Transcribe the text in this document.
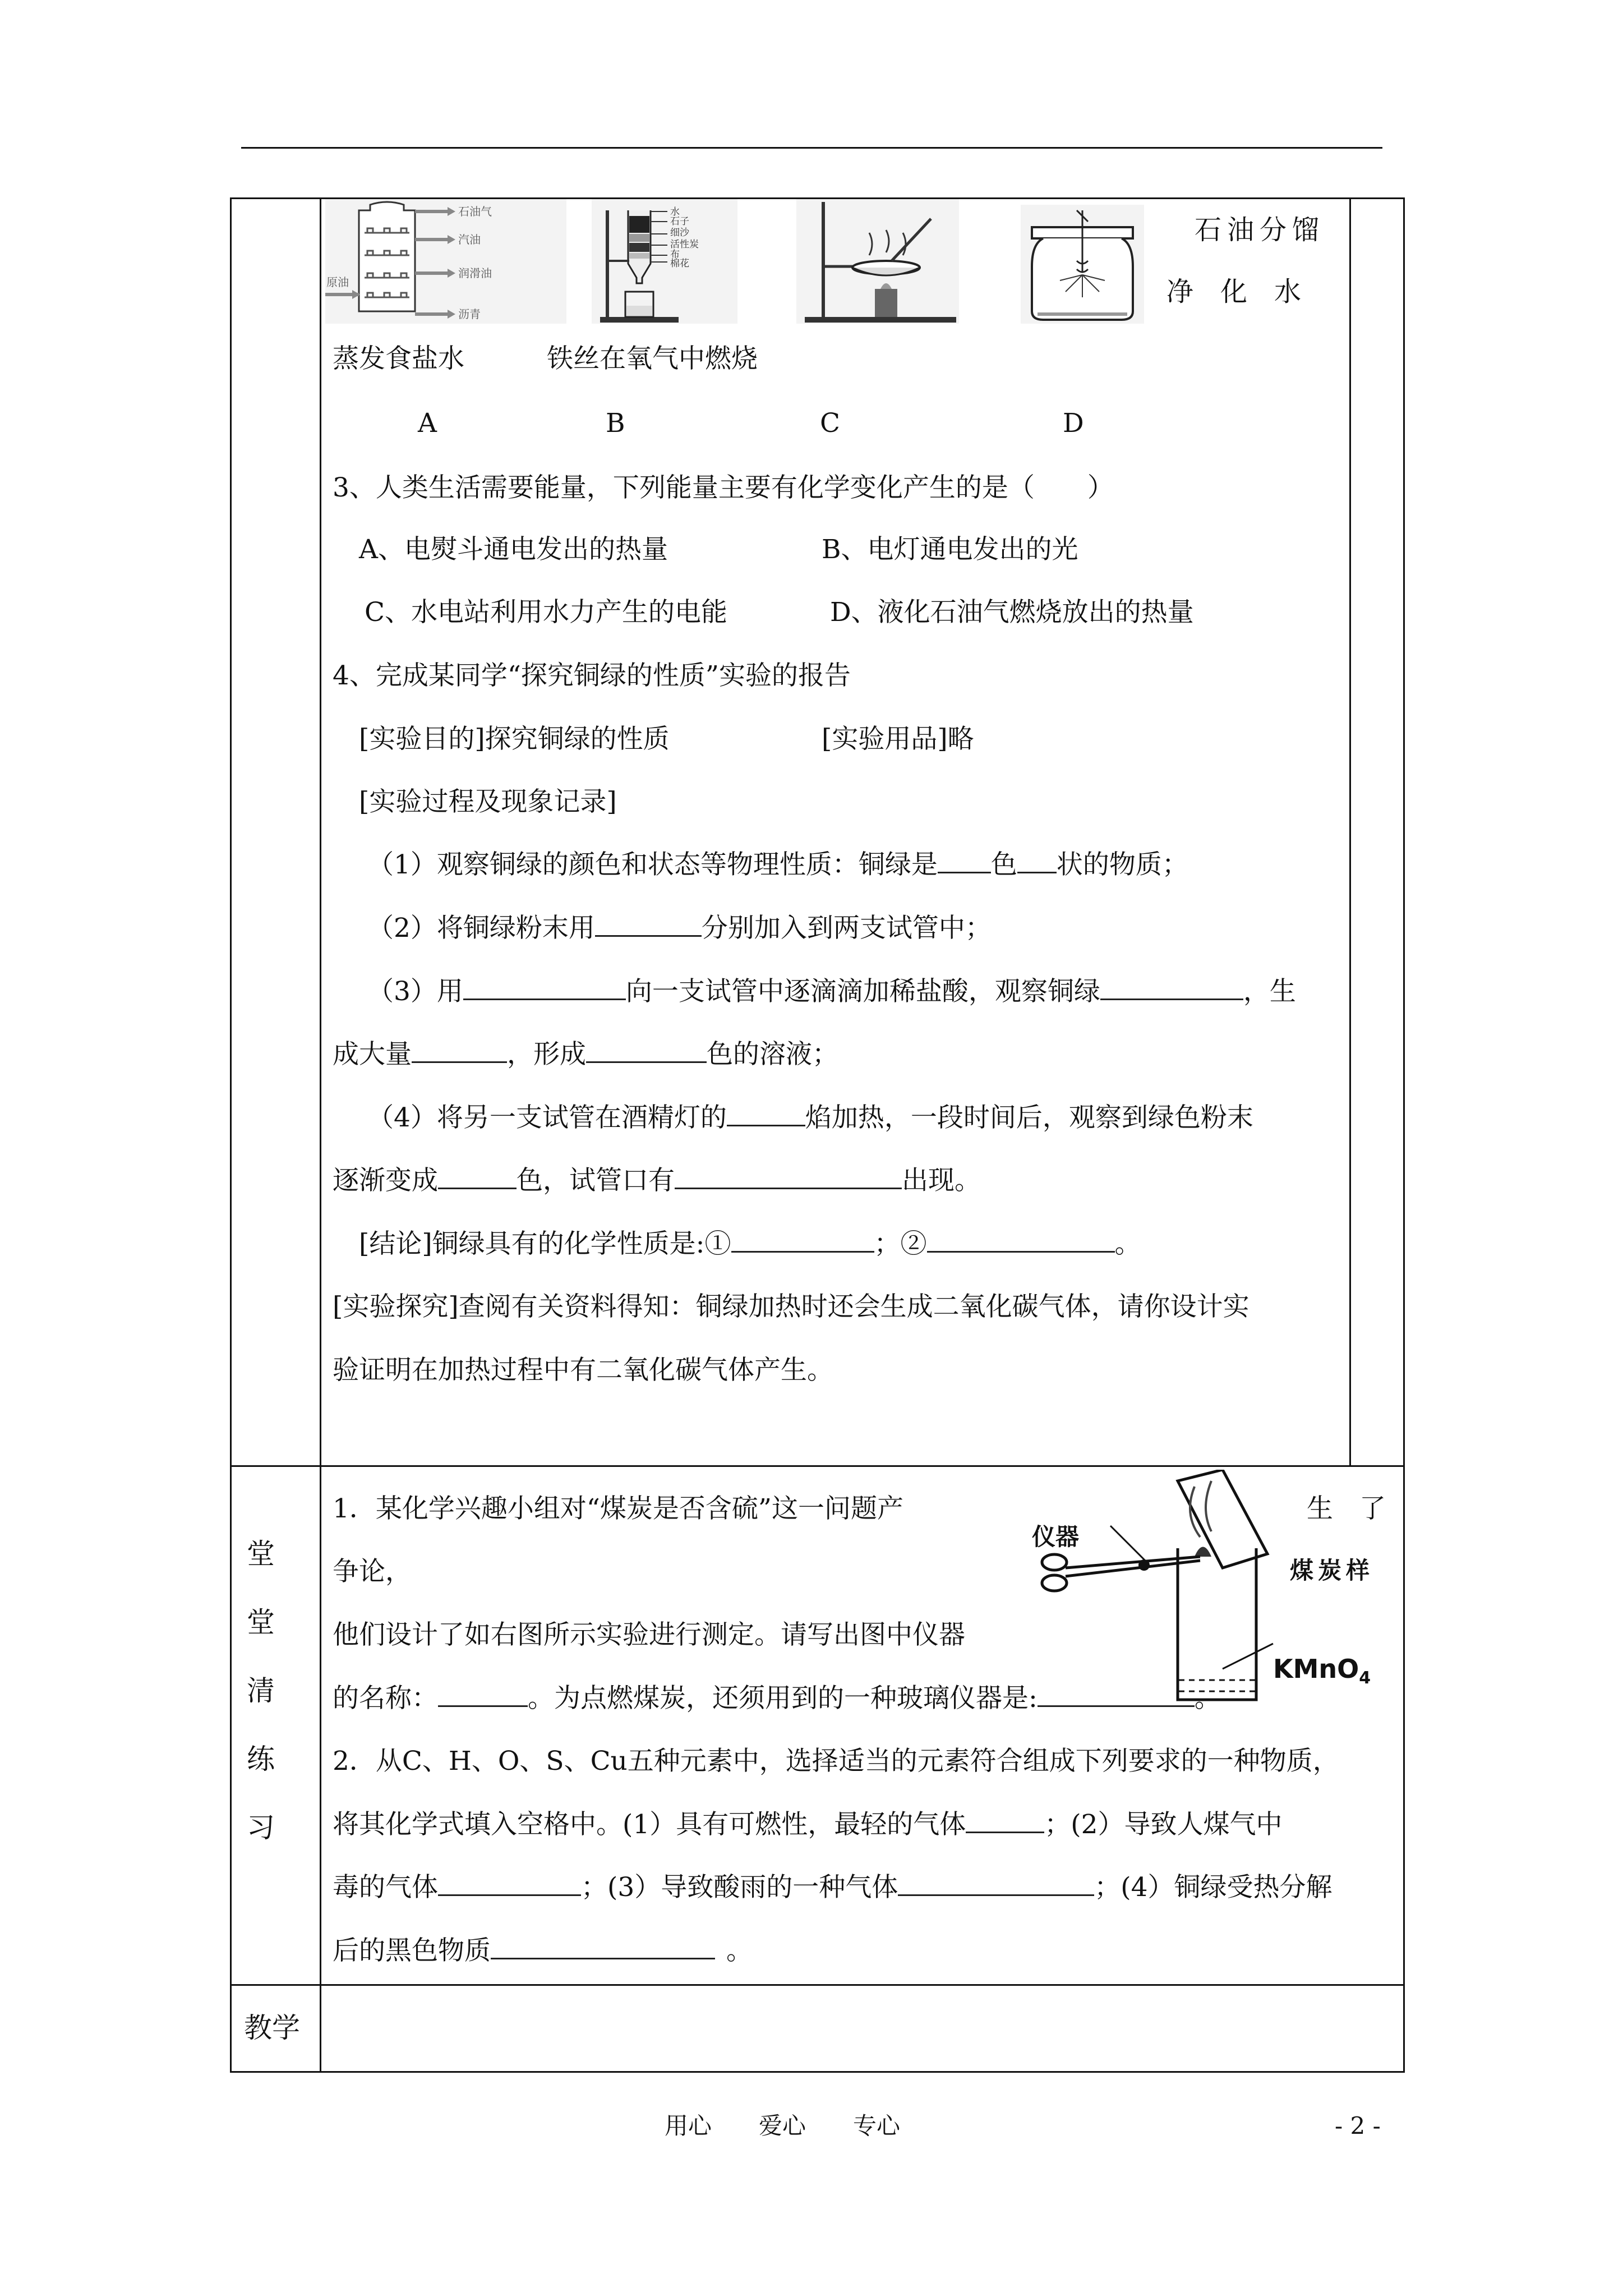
石油气
汽油
润滑油
沥青
原油
水
石子
细沙
活性炭
布
棉花
石油分馏
净化水
蒸发食盐水	铁丝在氧气中燃烧
A	B	C	D
3、人类生活需要能量，下列能量主要有化学变化产生的是（　　）
A、电熨斗通电发出的热量	B、电灯通电发出的光
C、水电站利用水力产生的电能	D、液化石油气燃烧放出的热量
4、完成某同学“探究铜绿的性质”实验的报告
[实验目的]探究铜绿的性质	[实验用品]略
[实验过程及现象记录]
（1）观察铜绿的颜色和状态等物理性质：铜绿是 色 状的物质；
（2）将铜绿粉末用	分别加入到两支试管中；
（3）用	向一支试管中逐滴滴加稀盐酸，观察铜绿	，生
成大量	，形成	色的溶液；
（4）将另一支试管在酒精灯的	焰加热，一段时间后，观察到绿色粉末
逐渐变成	色，试管口有	出现。
[结论]铜绿具有的化学性质是:①	；②	。
[实验探究]查阅有关资料得知：铜绿加热时还会生成二氧化碳气体，请你设计实
验证明在加热过程中有二氧化碳气体产生。
堂
堂
清
练
习
1．某化学兴趣小组对“煤炭是否含硫”这一问题产	生　了
争论，
他们设计了如右图所示实验进行测定。请写出图中仪器
的名称：	。为点燃煤炭，还须用到的一种玻璃仪器是:	。
仪器
煤炭样
KMnO$_4$
2．从C、H、O、S、Cu五种元素中，选择适当的元素符合组成下列要求的一种物质，
将其化学式填入空格中。(1）具有可燃性，最轻的气体	；(2）导致人煤气中
毒的气体	；(3）导致酸雨的一种气体	；(4）铜绿受热分解
后的黑色物质	。
教学
用心　　爱心　　专心	- 2 -
